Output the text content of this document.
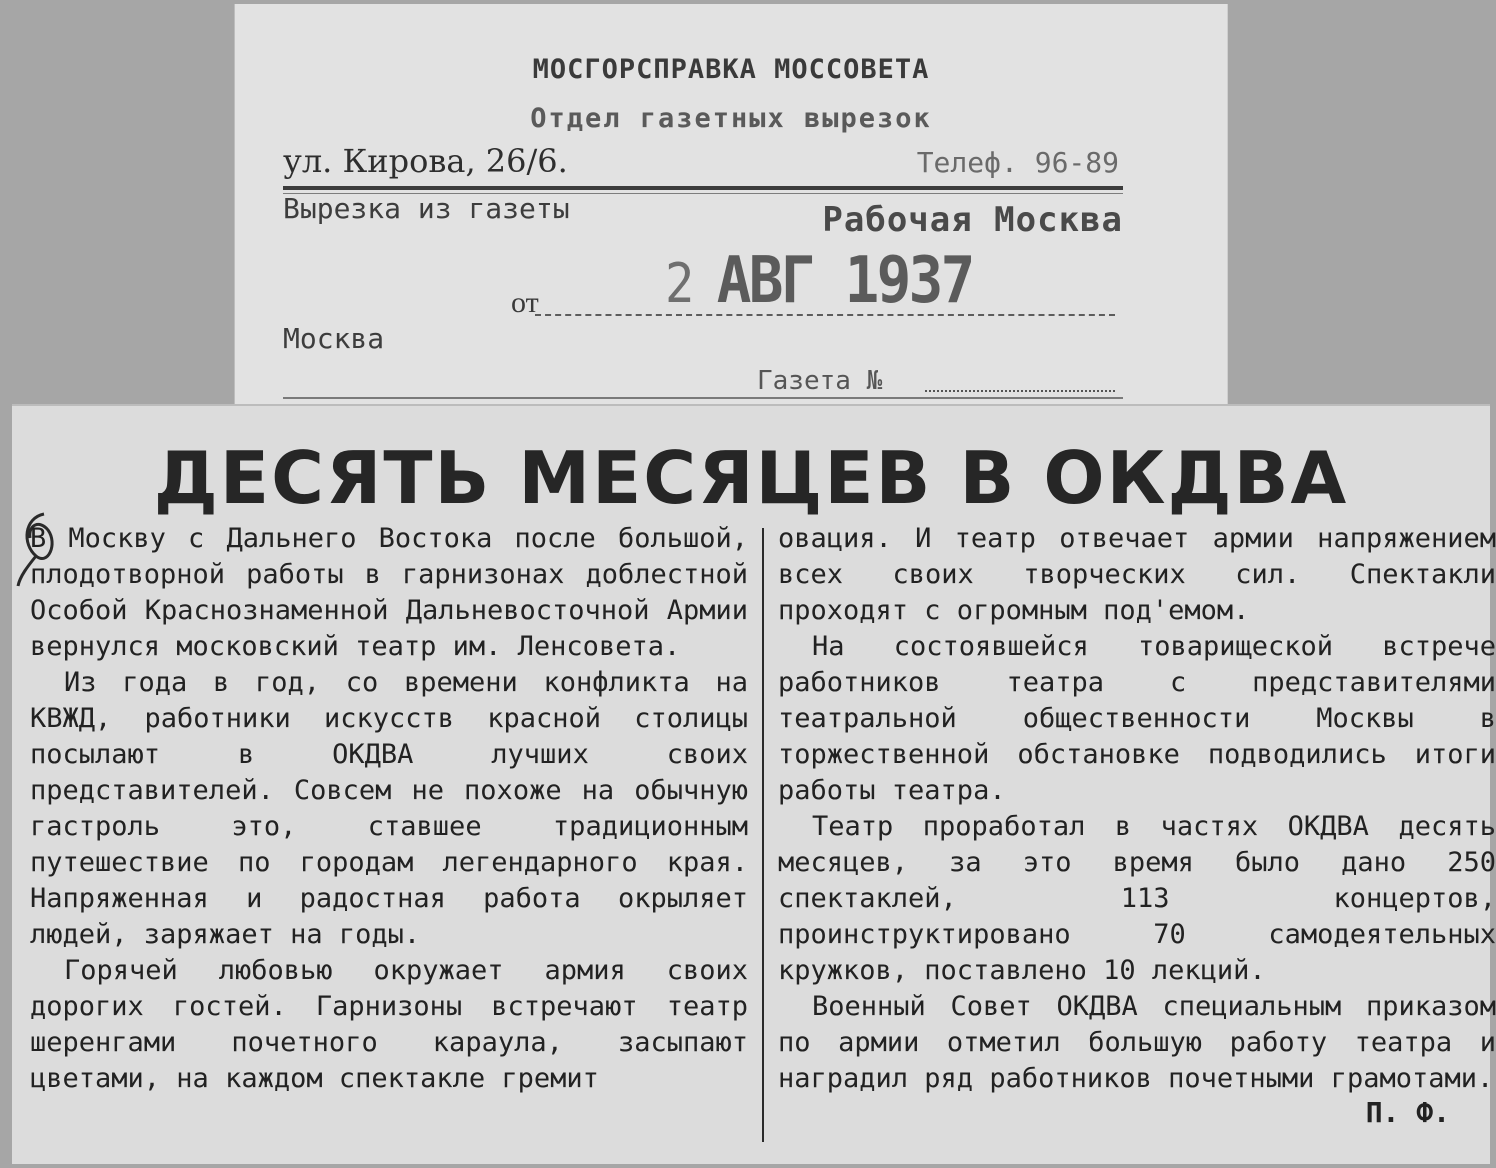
МОСГОРСПРАВКА МОССОВЕТА
Отдел газетных вырезок
ул. Кирова, 26/6.	Телеф. 96-89
Вырезка из газеты	Рабочая Москва
от 2 АВГ 1937
Москва
Газета №
ДЕСЯТЬ МЕСЯЦЕВ В ОКДВА

В Москву с Дальнего Востока после большой, плодотворной работы в гарнизонах доблестной Особой Краснознаменной Дальневосточной Армии вернулся московский театр им. Ленсовета.

Из года в год, со времени конфликта на КВЖД, работники искусств красной столицы посылают в ОКДВА лучших своих представителей. Совсем не похоже на обычную гастроль это, ставшее традиционным путешествие по городам легендарного края. Напряженная и радостная работа окрыляет людей, заряжает на годы.

Горячей любовью окружает армия своих дорогих гостей. Гарнизоны встречают театр шеренгами почетного караула, засыпают цветами, на каждом спектакле гремит

овация. И театр отвечает армии напряжением всех своих творческих сил. Спектакли проходят с огромным под'емом.

На состоявшейся товарищеской встрече работников театра с представителями театральной общественности Москвы в торжественной обстановке подводились итоги работы театра.

Театр проработал в частях ОКДВА десять месяцев, за это время было дано 250 спектаклей, 113 концертов, проинструктировано 70 самодеятельных кружков, поставлено 10 лекций.

Военный Совет ОКДВА специальным приказом по армии отметил большую работу театра и наградил ряд работников почетными грамотами.

П. Ф.
